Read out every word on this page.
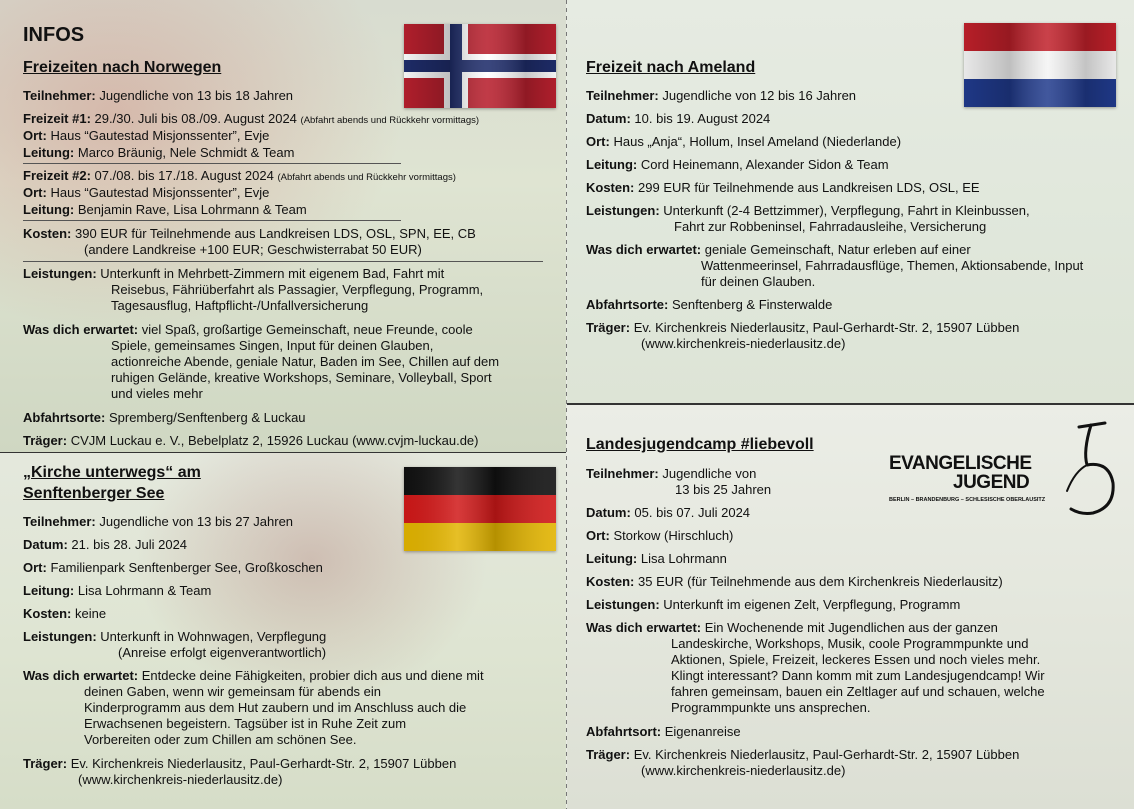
INFOS
Freizeiten nach Norwegen
Teilnehmer: Jugendliche von 13 bis 18 Jahren
Freizeit #1: 29./30. Juli bis 08./09. August 2024 (Abfahrt abends und Rückkehr vormittags)
Ort: Haus “Gautestad Misjonssenter”, Evje
Leitung: Marco Bräunig, Nele Schmidt & Team
Freizeit #2: 07./08. bis 17./18. August 2024 (Abfahrt abends und Rückkehr vormittags)
Ort: Haus “Gautestad Misjonssenter”, Evje
Leitung: Benjamin Rave, Lisa Lohrmann & Team
Kosten: 390 EUR für Teilnehmende aus Landkreisen LDS, OSL, SPN, EE, CB
(andere Landkreise +100 EUR; Geschwisterrabat 50 EUR)
Leistungen: Unterkunft in Mehrbett-Zimmern mit eigenem Bad, Fahrt mit
Reisebus, Fähriüberfahrt als Passagier, Verpflegung, Programm,
Tagesausflug, Haftpflicht-/Unfallversicherung
Was dich erwartet: viel Spaß, großartige Gemeinschaft, neue Freunde, coole
Spiele, gemeinsames Singen, Input für deinen Glauben,
actionreiche Abende, geniale Natur, Baden im See, Chillen auf dem
ruhigen Gelände, kreative Workshops, Seminare, Volleyball, Sport
und vieles mehr
Abfahrtsorte: Spremberg/Senftenberg & Luckau
Träger: CVJM Luckau e. V., Bebelplatz 2, 15926 Luckau (www.cvjm-luckau.de)
„Kirche unterwegs“ am
Senftenberger See
Teilnehmer: Jugendliche von 13 bis 27 Jahren
Datum: 21. bis 28. Juli 2024
Ort: Familienpark Senftenberger See, Großkoschen
Leitung: Lisa Lohrmann & Team
Kosten: keine
Leistungen: Unterkunft in Wohnwagen, Verpflegung
(Anreise erfolgt eigenverantwortlich)
Was dich erwartet: Entdecke deine Fähigkeiten, probier dich aus und diene mit
deinen Gaben, wenn wir gemeinsam für abends ein
Kinderprogramm aus dem Hut zaubern und im Anschluss auch die
Erwachsenen begeistern. Tagsüber ist in Ruhe Zeit zum
Vorbereiten oder zum Chillen am schönen See.
Träger: Ev. Kirchenkreis Niederlausitz, Paul-Gerhardt-Str. 2, 15907 Lübben
(www.kirchenkreis-niederlausitz.de)
Freizeit nach Ameland
Teilnehmer: Jugendliche von 12 bis 16 Jahren
Datum: 10. bis 19. August 2024
Ort: Haus „Anja“, Hollum, Insel Ameland (Niederlande)
Leitung: Cord Heinemann, Alexander Sidon & Team
Kosten: 299 EUR für Teilnehmende aus Landkreisen LDS, OSL, EE
Leistungen: Unterkunft (2-4 Bettzimmer), Verpflegung, Fahrt in Kleinbussen,
Fahrt zur Robbeninsel, Fahrradausleihe, Versicherung
Was dich erwartet: geniale Gemeinschaft, Natur erleben auf einer
Wattenmeerinsel, Fahrradausflüge, Themen, Aktionsabende, Input
für deinen Glauben.
Abfahrtsorte: Senftenberg & Finsterwalde
Träger: Ev. Kirchenkreis Niederlausitz, Paul-Gerhardt-Str. 2, 15907 Lübben
(www.kirchenkreis-niederlausitz.de)
Landesjugendcamp #liebevoll
EVANGELISCHE
JUGEND
BERLIN – BRANDENBURG – SCHLESISCHE OBERLAUSITZ
Teilnehmer: Jugendliche von
13 bis 25 Jahren
Datum: 05. bis 07. Juli 2024
Ort: Storkow (Hirschluch)
Leitung: Lisa Lohrmann
Kosten: 35 EUR (für Teilnehmende aus dem Kirchenkreis Niederlausitz)
Leistungen: Unterkunft im eigenen Zelt, Verpflegung, Programm
Was dich erwartet: Ein Wochenende mit Jugendlichen aus der ganzen
Landeskirche, Workshops, Musik, coole Programmpunkte und
Aktionen, Spiele, Freizeit, leckeres Essen und noch vieles mehr.
Klingt interessant? Dann komm mit zum Landesjugendcamp! Wir
fahren gemeinsam, bauen ein Zeltlager auf und schauen, welche
Programmpunkte uns ansprechen.
Abfahrtsort: Eigenanreise
Träger: Ev. Kirchenkreis Niederlausitz, Paul-Gerhardt-Str. 2, 15907 Lübben
(www.kirchenkreis-niederlausitz.de)
